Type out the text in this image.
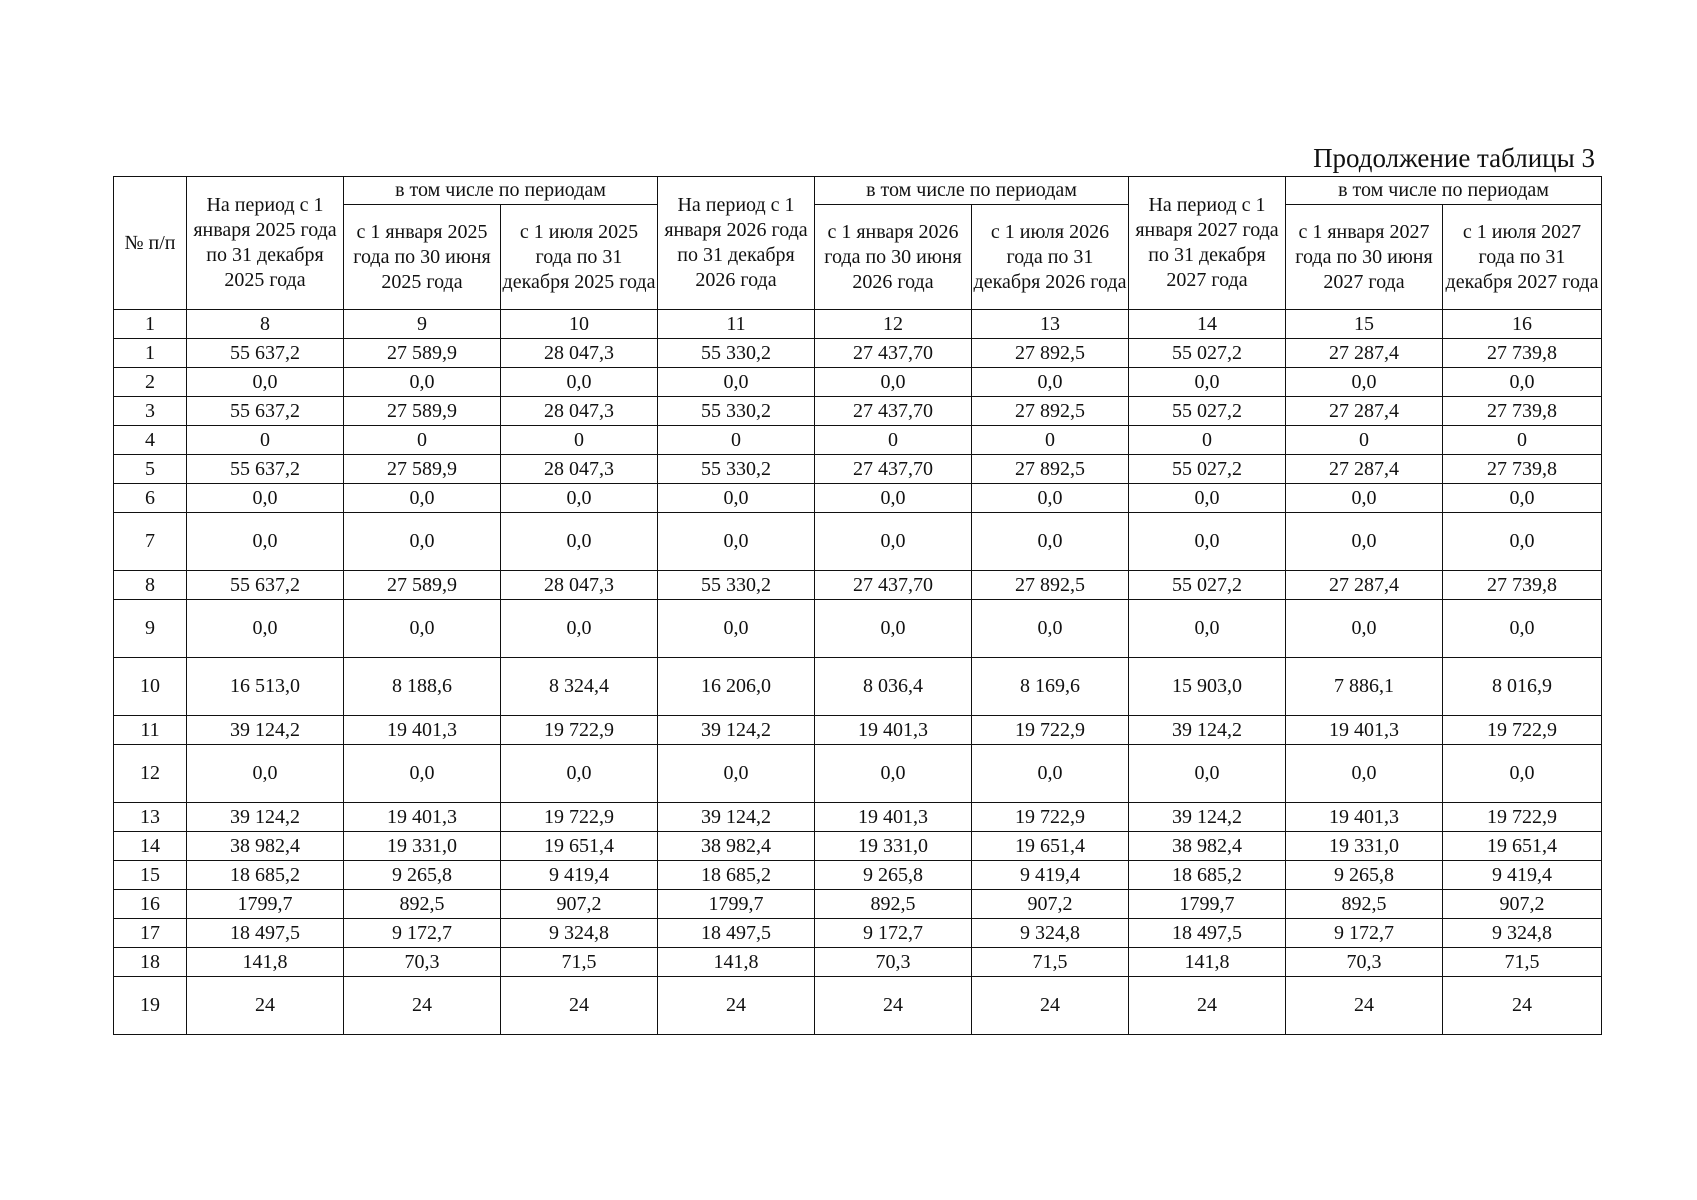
Продолжение таблицы 3
№ п/п	На период с 1 января 2025 года по 31 декабря 2025 года	в том числе по периодам		На период с 1 января 2026 года по 31 декабря 2026 года	в том числе по периодам		На период с 1 января 2027 года по 31 декабря 2027 года	в том числе по периодам	
		с 1 января 2025 года по 30 июня 2025 года	с 1 июля 2025 года по 31 декабря 2025 года		с 1 января 2026 года по 30 июня 2026 года	с 1 июля 2026 года по 31 декабря 2026 года		с 1 января 2027 года по 30 июня 2027 года	с 1 июля 2027 года по 31 декабря 2027 года
1	8	9	10	11	12	13	14	15	16
1	55 637,2	27 589,9	28 047,3	55 330,2	27 437,70	27 892,5	55 027,2	27 287,4	27 739,8
2	0,0	0,0	0,0	0,0	0,0	0,0	0,0	0,0	0,0
3	55 637,2	27 589,9	28 047,3	55 330,2	27 437,70	27 892,5	55 027,2	27 287,4	27 739,8
4	0	0	0	0	0	0	0	0	0
5	55 637,2	27 589,9	28 047,3	55 330,2	27 437,70	27 892,5	55 027,2	27 287,4	27 739,8
6	0,0	0,0	0,0	0,0	0,0	0,0	0,0	0,0	0,0
7	0,0	0,0	0,0	0,0	0,0	0,0	0,0	0,0	0,0
8	55 637,2	27 589,9	28 047,3	55 330,2	27 437,70	27 892,5	55 027,2	27 287,4	27 739,8
9	0,0	0,0	0,0	0,0	0,0	0,0	0,0	0,0	0,0
10	16 513,0	8 188,6	8 324,4	16 206,0	8 036,4	8 169,6	15 903,0	7 886,1	8 016,9
11	39 124,2	19 401,3	19 722,9	39 124,2	19 401,3	19 722,9	39 124,2	19 401,3	19 722,9
12	0,0	0,0	0,0	0,0	0,0	0,0	0,0	0,0	0,0
13	39 124,2	19 401,3	19 722,9	39 124,2	19 401,3	19 722,9	39 124,2	19 401,3	19 722,9
14	38 982,4	19 331,0	19 651,4	38 982,4	19 331,0	19 651,4	38 982,4	19 331,0	19 651,4
15	18 685,2	9 265,8	9 419,4	18 685,2	9 265,8	9 419,4	18 685,2	9 265,8	9 419,4
16	1799,7	892,5	907,2	1799,7	892,5	907,2	1799,7	892,5	907,2
17	18 497,5	9 172,7	9 324,8	18 497,5	9 172,7	9 324,8	18 497,5	9 172,7	9 324,8
18	141,8	70,3	71,5	141,8	70,3	71,5	141,8	70,3	71,5
19	24	24	24	24	24	24	24	24	24
